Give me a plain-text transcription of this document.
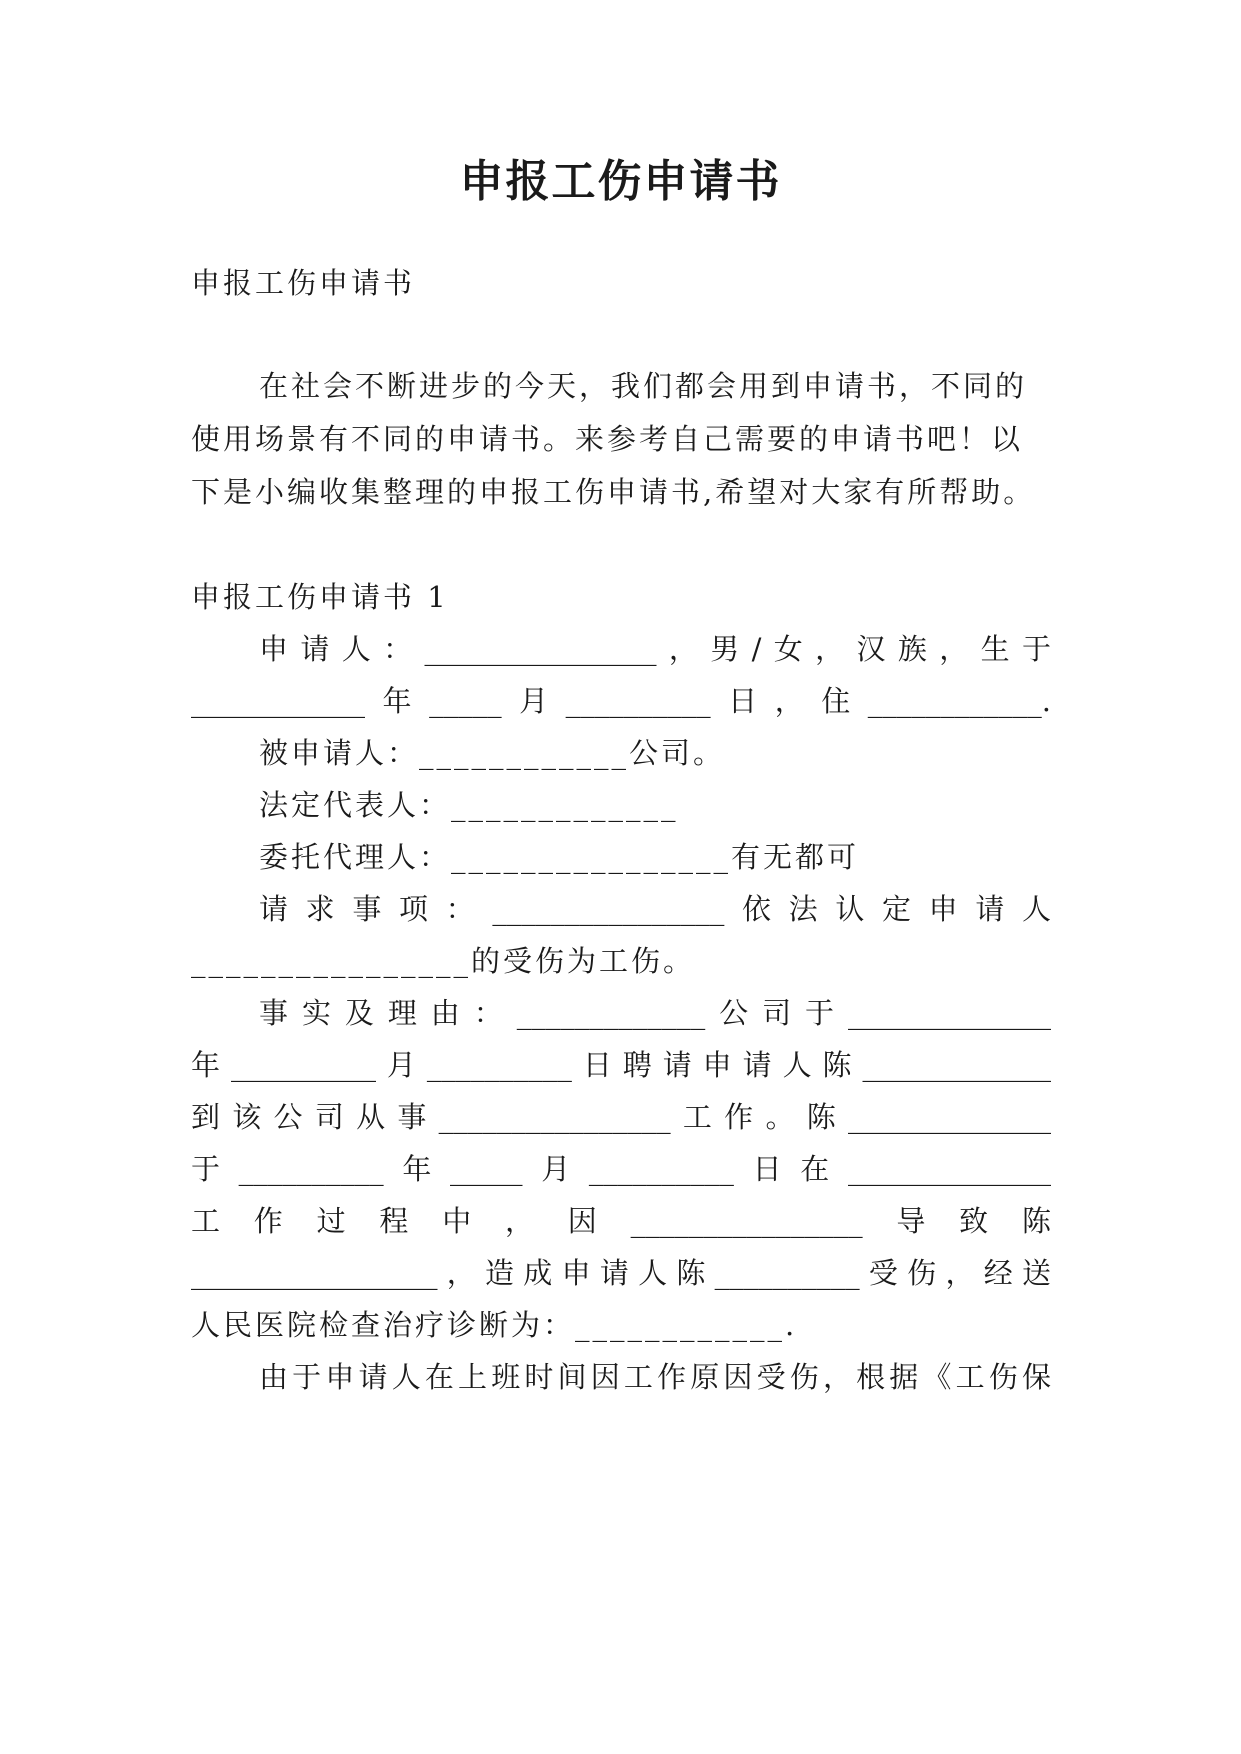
申报工伤申请书
申报工伤申请书
在社会不断进步的今天，我们都会用到申请书，不同的
使用场景有不同的申请书。来参考自己需要的申请书吧！以
下是小编收集整理的申报工伤申请书,希望对大家有所帮助。
申报工伤申请书 1
申请人：________________，男/女，汉族，生于
____________年_____月__________日，住____________.
被申请人：____________公司。
法定代表人：_____________
委托代理人：________________有无都可
请求事项：________________依法认定申请人
________________的受伤为工伤。
事实及理由：_____________公司于______________
年__________月__________日聘请申请人陈_____________
到该公司从事________________工作。陈______________
于__________年_____月__________日在______________
工作过程中，因________________导致陈
_________________，造成申请人陈__________受伤，经送
人民医院检查治疗诊断为：____________.
由于申请人在上班时间因工作原因受伤，根据《工伤保
